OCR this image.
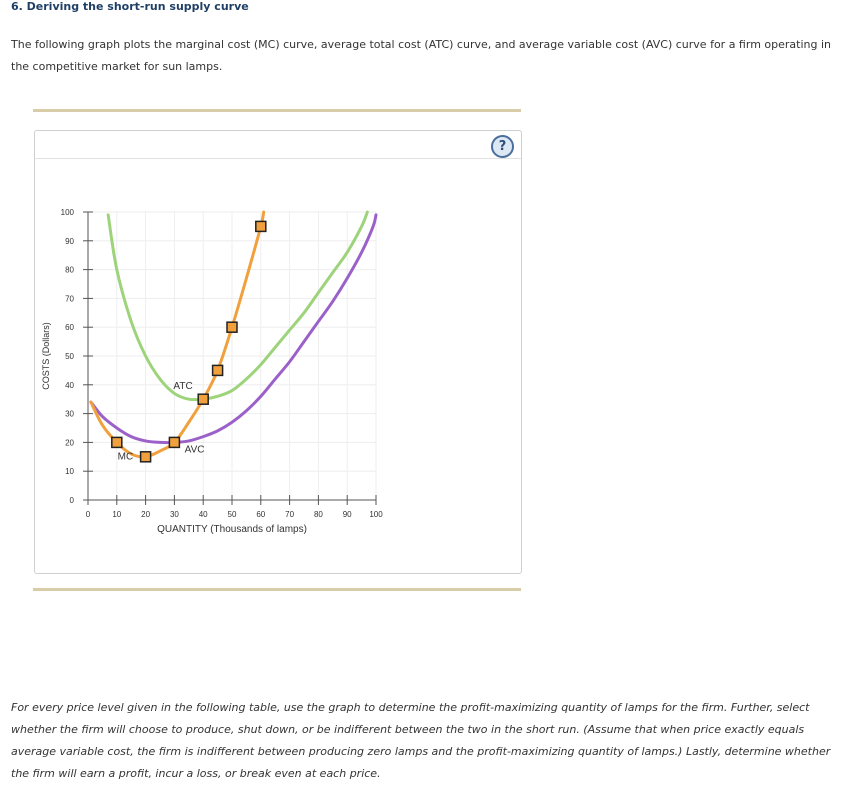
6. Deriving the short-run supply curve
The following graph plots the marginal cost (MC) curve, average total cost (ATC) curve, and average variable cost (AVC) curve for a firm operating in the competitive market for sun lamps.
?
0
10
20
30
40
50
60
70
80
90
100
0	10 20 30 40 50 60 70 80 90 100
QUANTITY (Thousands of lamps)
COSTS (Dollars)	ATC
AVC
MC
For every price level given in the following table, use the graph to determine the profit-maximizing quantity of lamps for the firm. Further, select whether the firm will choose to produce, shut down, or be indifferent between the two in the short run. (Assume that when price exactly equals average variable cost, the firm is indifferent between producing zero lamps and the profit-maximizing quantity of lamps.) Lastly, determine whether the firm will earn a profit, incur a loss, or break even at each price.
